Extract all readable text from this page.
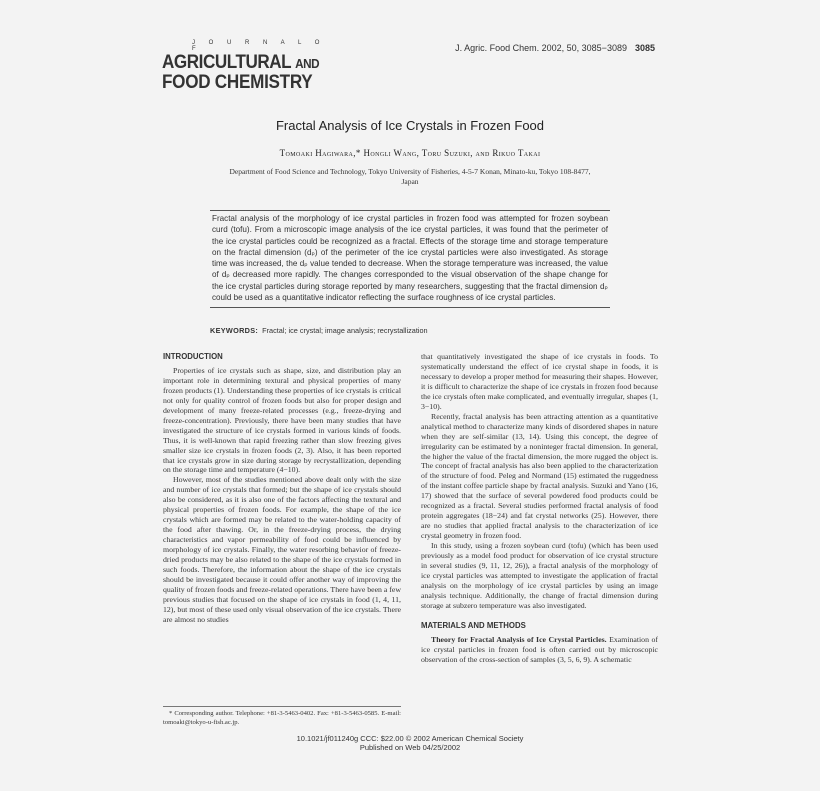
J O U R N A L O F
AGRICULTURAL AND
FOOD CHEMISTRY
J. Agric. Food Chem. 2002, 50, 3085−3089 3085
Fractal Analysis of Ice Crystals in Frozen Food
Tomoaki Hagiwara,* Hongli Wang, Toru Suzuki, and Rikuo Takai
Department of Food Science and Technology, Tokyo University of Fisheries, 4-5-7 Konan, Minato-ku, Tokyo 108-8477, Japan
Fractal analysis of the morphology of ice crystal particles in frozen food was attempted for frozen soybean curd (tofu). From a microscopic image analysis of the ice crystal particles, it was found that the perimeter of the ice crystal particles could be recognized as a fractal. Effects of the storage time and storage temperature on the fractal dimension (dₚ) of the perimeter of the ice crystal particles were also investigated. As storage time was increased, the dₚ value tended to decrease. When the storage temperature was increased, the value of dₚ decreased more rapidly. The changes corresponded to the visual observation of the shape change for the ice crystal particles during storage reported by many researchers, suggesting that the fractal dimension dₚ could be used as a quantitative indicator reflecting the surface roughness of ice crystal particles.
KEYWORDS: Fractal; ice crystal; image analysis; recrystallization

INTRODUCTION

Properties of ice crystals such as shape, size, and distribution play an important role in determining textural and physical properties of many frozen products (1). Understanding these properties of ice crystals is critical not only for quality control of frozen foods but also for proper design and development of many freeze-related processes (e.g., freeze-drying and freeze-concentration). Previously, there have been many studies that have investigated the structure of ice crystals formed in various kinds of foods. Thus, it is well-known that rapid freezing rather than slow freezing gives smaller size ice crystals in frozen foods (2, 3). Also, it has been reported that ice crystals grow in size during storage by recrystallization, depending on the storage time and temperature (4−10).

However, most of the studies mentioned above dealt only with the size and number of ice crystals that formed; but the shape of ice crystals should also be considered, as it is also one of the factors affecting the textural and physical properties of frozen foods. For example, the shape of the ice crystals which are formed may be related to the water-holding capacity of the food after thawing. Or, in the freeze-drying process, the drying characteristics and vapor permeability of food could be influenced by morphology of ice crystals. Finally, the water resorbing behavior of freeze-dried products may be also related to the shape of the ice crystals formed in such foods. Therefore, the information about the shape of the ice crystals should be investigated because it could offer another way of improving the quality of frozen foods and freeze-related operations. There have been a few previous studies that focused on the shape of ice crystals in food (1, 4, 11, 12), but most of these used only visual observation of the ice crystals. There are almost no studies

that quantitatively investigated the shape of ice crystals in foods. To systematically understand the effect of ice crystal shape in foods, it is necessary to develop a proper method for measuring their shapes. However, it is difficult to characterize the shape of ice crystals in frozen food because the ice crystals often make complicated, and eventually irregular, shapes (1, 3−10).

Recently, fractal analysis has been attracting attention as a quantitative analytical method to characterize many kinds of disordered shapes in nature when they are self-similar (13, 14). Using this concept, the degree of irregularity can be estimated by a noninteger fractal dimension. In general, the higher the value of the fractal dimension, the more rugged the object is. The concept of fractal analysis has also been applied to the characterization of the structure of food. Peleg and Normand (15) estimated the ruggedness of the instant coffee particle shape by fractal analysis. Suzuki and Yano (16, 17) showed that the surface of several powdered food products could be recognized as a fractal. Several studies performed fractal analysis of food protein aggregates (18−24) and fat crystal networks (25). However, there are no studies that applied fractal analysis to the characterization of ice crystal geometry in frozen food.

In this study, using a frozen soybean curd (tofu) (which has been used previously as a model food product for observation of ice crystal structure in several studies (9, 11, 12, 26)), a fractal analysis of the morphology of ice crystal particles was attempted to investigate the application of fractal analysis on the morphology of ice crystal particles by using an image analysis technique. Additionally, the change of fractal dimension during storage at subzero temperature was also investigated.

MATERIALS AND METHODS

Theory for Fractal Analysis of Ice Crystal Particles. Examination of ice crystal particles in frozen food is often carried out by microscopic observation of the cross-section of samples (3, 5, 6, 9). A schematic

* Corresponding author. Telephone: +81-3-5463-0402. Fax: +81-3-5463-0585. E-mail: tomoaki@tokyo-u-fish.ac.jp.

10.1021/jf011240g CCC: $22.00 © 2002 American Chemical Society
Published on Web 04/25/2002
